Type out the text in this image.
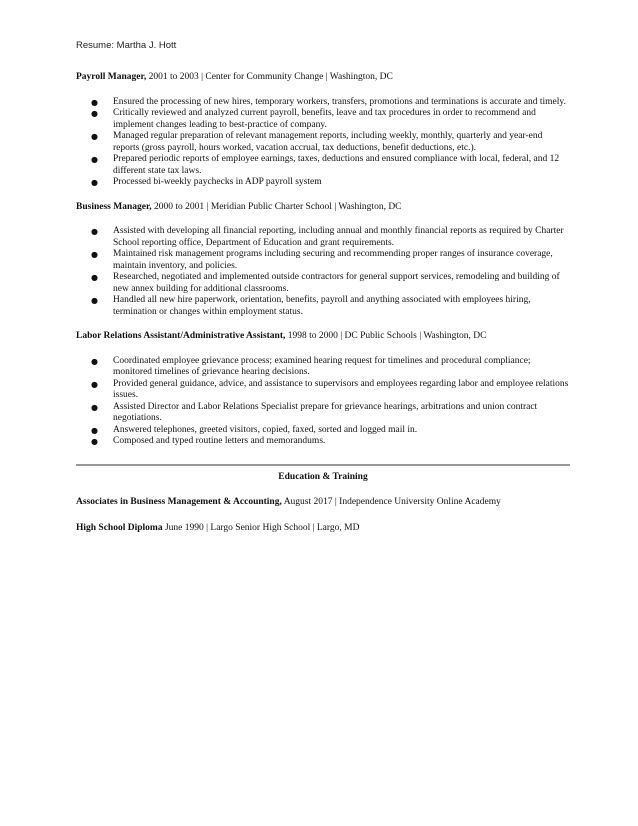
Resume: Martha J. Hott

Payroll Manager, 2001 to 2003 | Center for Community Change | Washington, DC

● Ensured the processing of new hires, temporary workers, transfers, promotions and terminations is accurate and timely.
● Critically reviewed and analyzed current payroll, benefits, leave and tax procedures in order to recommend and implement changes leading to best-practice of company.
● Managed regular preparation of relevant management reports, including weekly, monthly, quarterly and year-end reports (gross payroll, hours worked, vacation accrual, tax deductions, benefit deductions, etc.).
● Prepared periodic reports of employee earnings, taxes, deductions and ensured compliance with local, federal, and 12 different state tax laws.
● Processed bi-weekly paychecks in ADP payroll system

Business Manager, 2000 to 2001 | Meridian Public Charter School | Washington, DC

● Assisted with developing all financial reporting, including annual and monthly financial reports as required by Charter School reporting office, Department of Education and grant requirements.
● Maintained risk management programs including securing and recommending proper ranges of insurance coverage, maintain inventory, and policies.
● Researched, negotiated and implemented outside contractors for general support services, remodeling and building of new annex building for additional classrooms.
● Handled all new hire paperwork, orientation, benefits, payroll and anything associated with employees hiring, termination or changes within employment status.

Labor Relations Assistant/Administrative Assistant, 1998 to 2000 | DC Public Schools | Washington, DC

● Coordinated employee grievance process; examined hearing request for timelines and procedural compliance; monitored timelines of grievance hearing decisions.
● Provided general guidance, advice, and assistance to supervisors and employees regarding labor and employee relations issues.
● Assisted Director and Labor Relations Specialist prepare for grievance hearings, arbitrations and union contract negotiations.
● Answered telephones, greeted visitors, copied, faxed, sorted and logged mail in.
● Composed and typed routine letters and memorandums.
Education & Training

Associates in Business Management & Accounting, August 2017 | Independence University Online Academy

High School Diploma June 1990 | Largo Senior High School | Largo, MD
